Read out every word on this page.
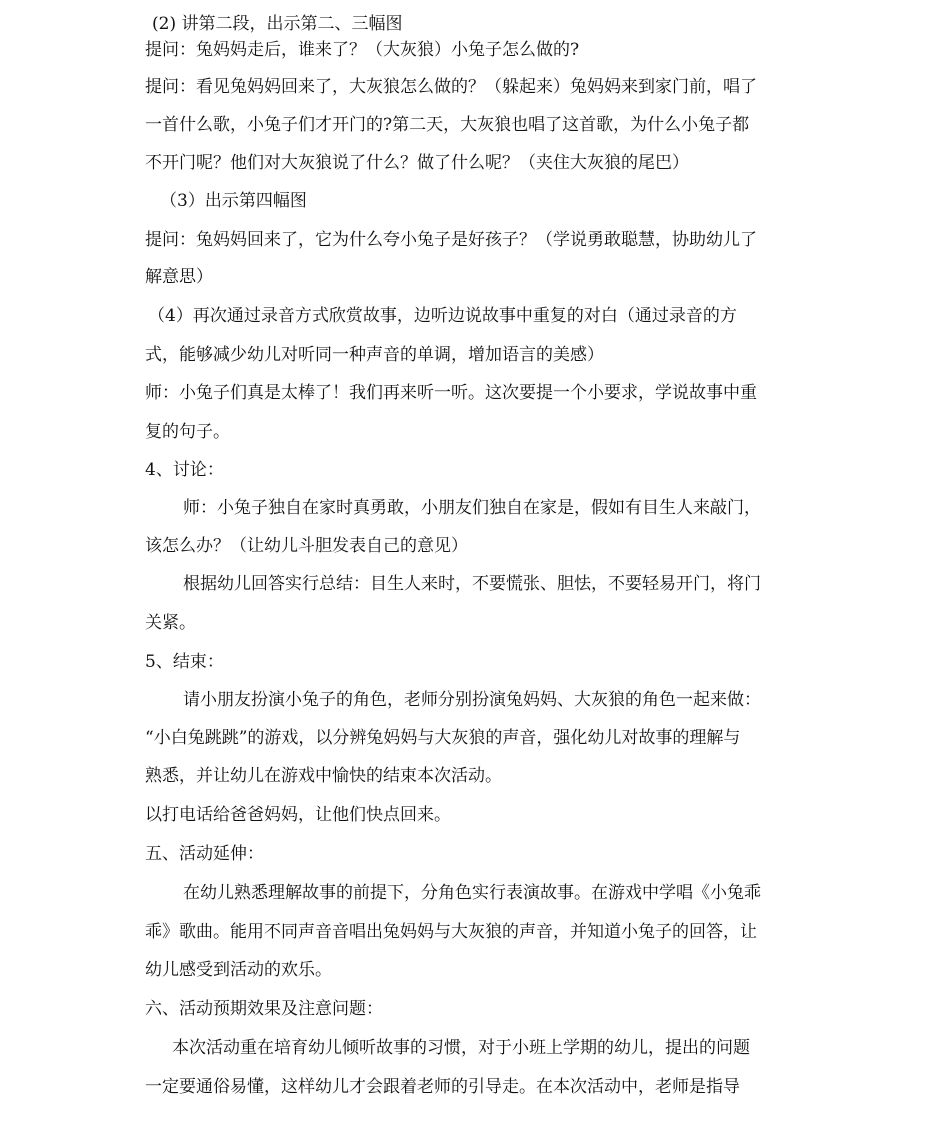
(2) 讲第二段，出示第二、三幅图
提问：兔妈妈走后，谁来了？（大灰狼）小兔子怎么做的?
提问：看见兔妈妈回来了，大灰狼怎么做的？（躲起来）兔妈妈来到家门前，唱了
一首什么歌，小兔子们才开门的?第二天，大灰狼也唱了这首歌，为什么小兔子都
不开门呢？他们对大灰狼说了什么？做了什么呢？（夹住大灰狼的尾巴）
（3）出示第四幅图
提问：兔妈妈回来了，它为什么夸小兔子是好孩子？（学说勇敢聪慧，协助幼儿了
解意思）
（4）再次通过录音方式欣赏故事，边听边说故事中重复的对白（通过录音的方
式，能够减少幼儿对听同一种声音的单调，增加语言的美感）
师：小兔子们真是太棒了！我们再来听一听。这次要提一个小要求，学说故事中重
复的句子。
4、讨论：
师：小兔子独自在家时真勇敢，小朋友们独自在家是，假如有目生人来敲门，
该怎么办？（让幼儿斗胆发表自己的意见）
根据幼儿回答实行总结：目生人来时，不要慌张、胆怯，不要轻易开门，将门
关紧。
5、结束：
请小朋友扮演小兔子的角色，老师分别扮演兔妈妈、大灰狼的角色一起来做：
“小白兔跳跳”的游戏，以分辨兔妈妈与大灰狼的声音，强化幼儿对故事的理解与
熟悉，并让幼儿在游戏中愉快的结束本次活动。
以打电话给爸爸妈妈，让他们快点回来。
五、活动延伸：
在幼儿熟悉理解故事的前提下，分角色实行表演故事。在游戏中学唱《小兔乖
乖》歌曲。能用不同声音音唱出兔妈妈与大灰狼的声音，并知道小兔子的回答，让
幼儿感受到活动的欢乐。
六、活动预期效果及注意问题：
本次活动重在培育幼儿倾听故事的习惯，对于小班上学期的幼儿，提出的问题
一定要通俗易懂，这样幼儿才会跟着老师的引导走。在本次活动中，老师是指导
